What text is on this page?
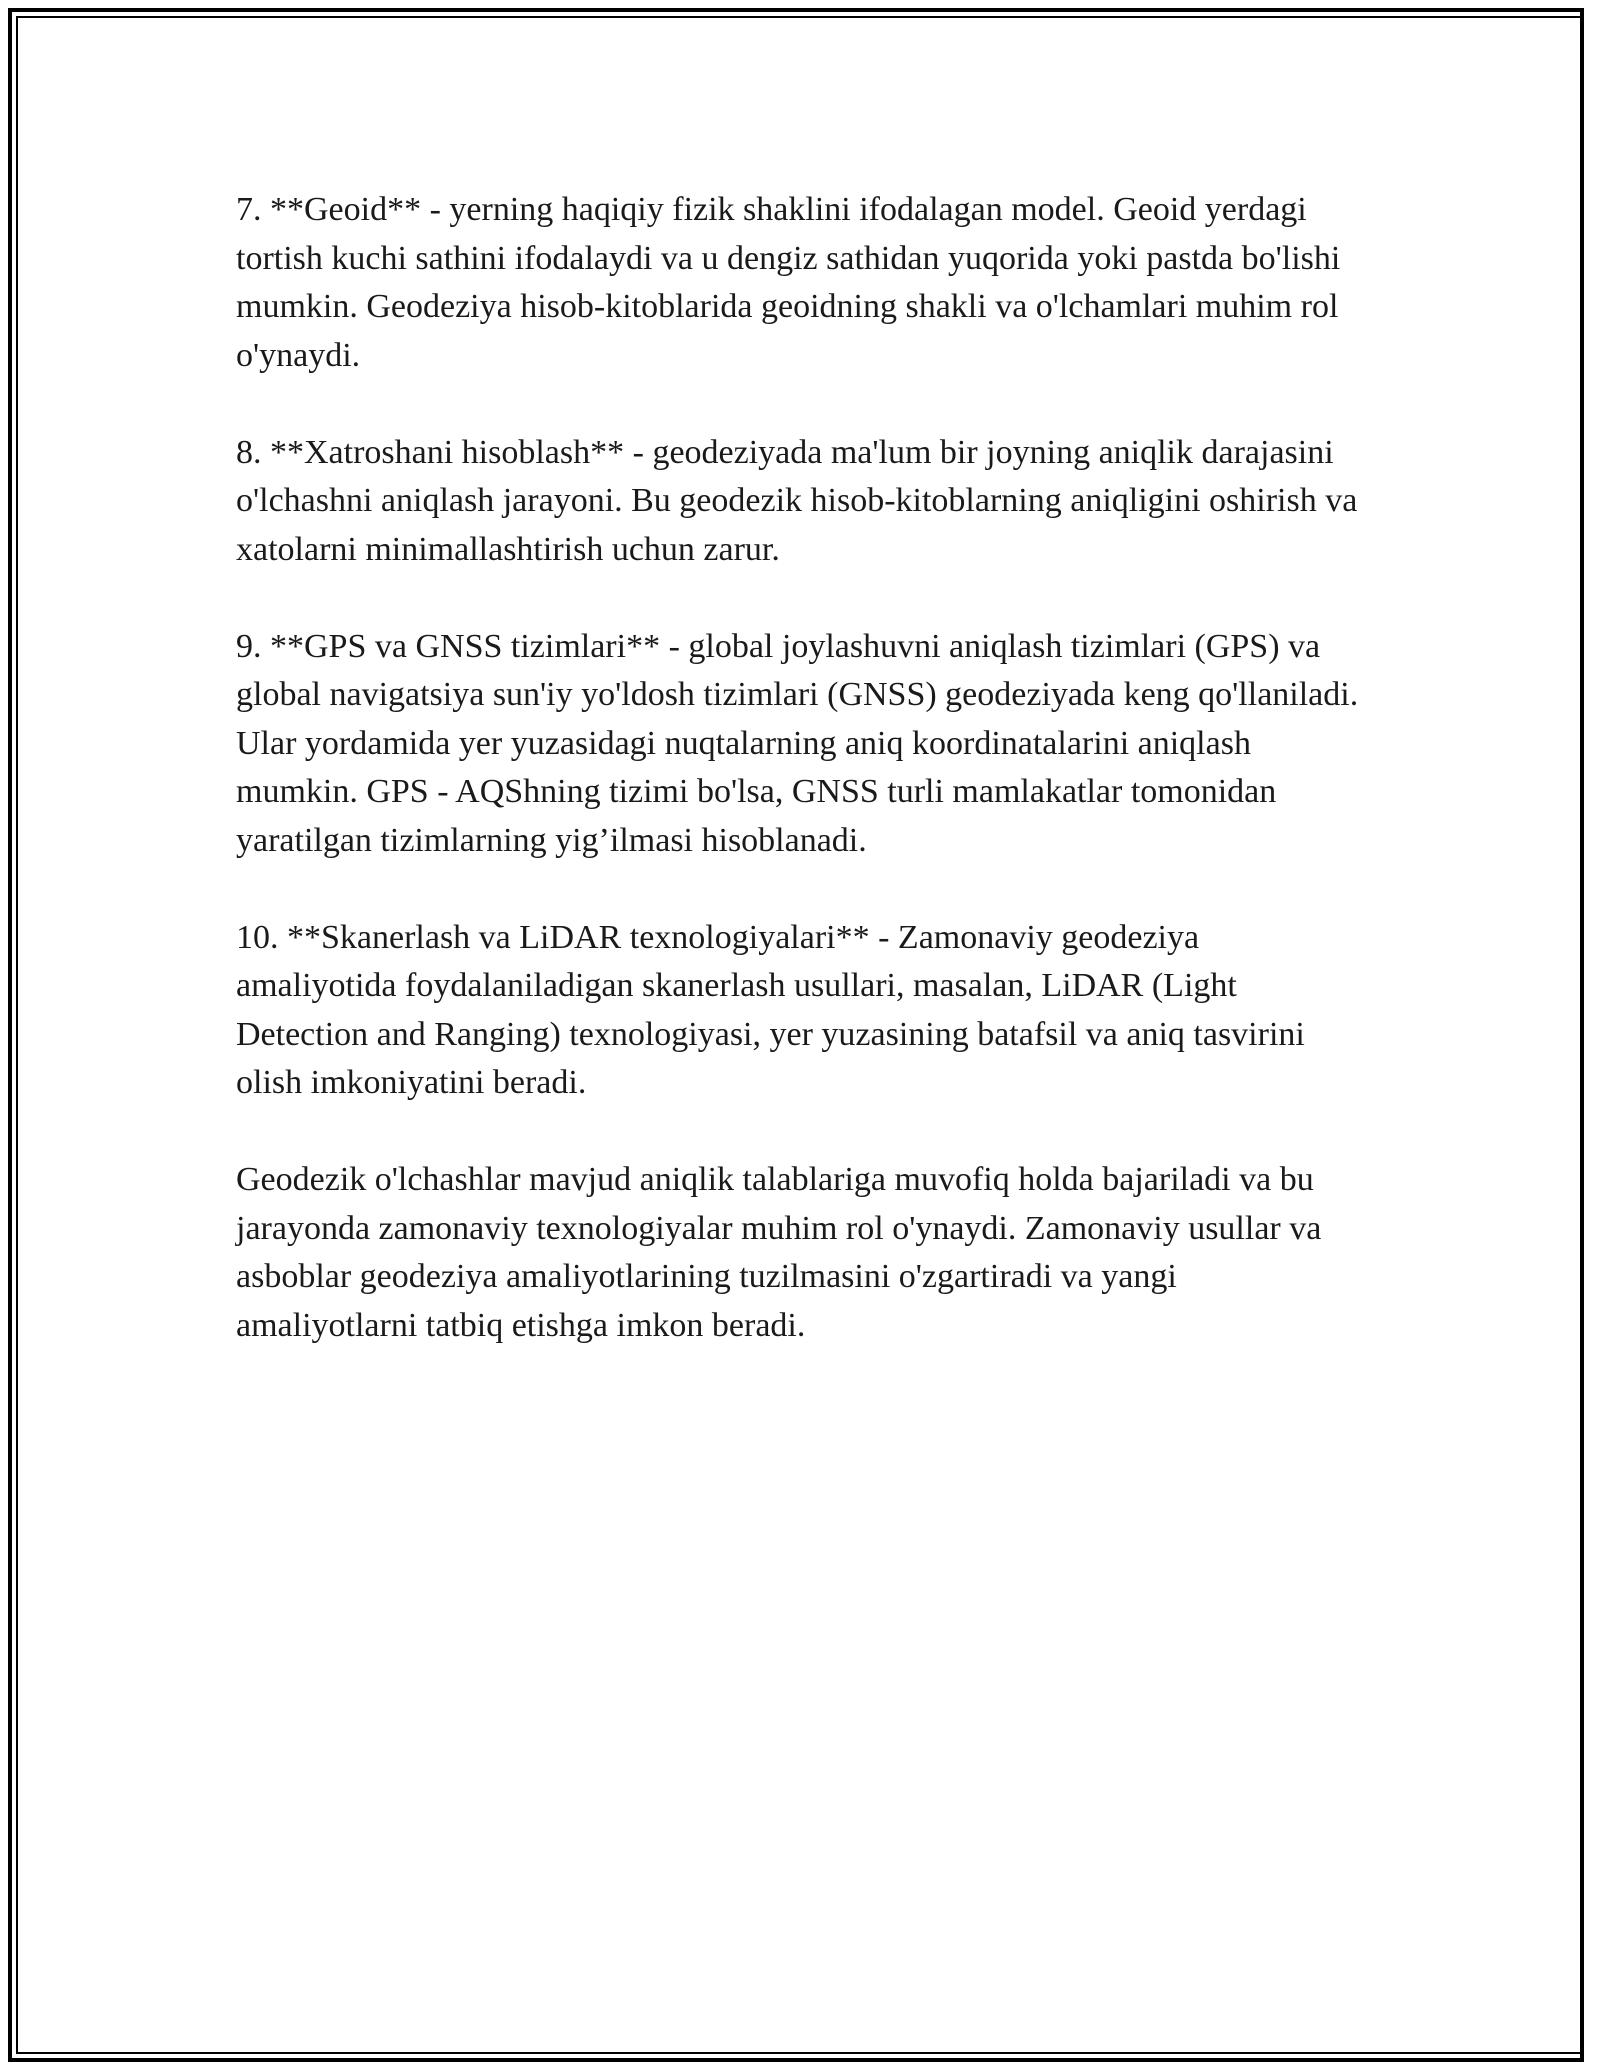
7. **Geoid** - yerning haqiqiy fizik shaklini ifodalagan model. Geoid yerdagi tortish kuchi sathini ifodalaydi va u dengiz sathidan yuqorida yoki pastda bo'lishi mumkin. Geodeziya hisob-kitoblarida geoidning shakli va o'lchamlari muhim rol o'ynaydi.

8. **Xatroshani hisoblash** - geodeziyada ma'lum bir joyning aniqlik darajasini o'lchashni aniqlash jarayoni. Bu geodezik hisob-kitoblarning aniqligini oshirish va xatolarni minimallashtirish uchun zarur.

9. **GPS va GNSS tizimlari** - global joylashuvni aniqlash tizimlari (GPS) va global navigatsiya sun'iy yo'ldosh tizimlari (GNSS) geodeziyada keng qo'llaniladi. Ular yordamida yer yuzasidagi nuqtalarning aniq koordinatalarini aniqlash mumkin. GPS - AQShning tizimi bo'lsa, GNSS turli mamlakatlar tomonidan yaratilgan tizimlarning yig’ilmasi hisoblanadi.

10. **Skanerlash va LiDAR texnologiyalari** - Zamonaviy geodeziya amaliyotida foydalaniladigan skanerlash usullari, masalan, LiDAR (Light Detection and Ranging) texnologiyasi, yer yuzasining batafsil va aniq tasvirini olish imkoniyatini beradi.

Geodezik o'lchashlar mavjud aniqlik talablariga muvofiq holda bajariladi va bu jarayonda zamonaviy texnologiyalar muhim rol o'ynaydi. Zamonaviy usullar va asboblar geodeziya amaliyotlarining tuzilmasini o'zgartiradi va yangi amaliyotlarni tatbiq etishga imkon beradi.
